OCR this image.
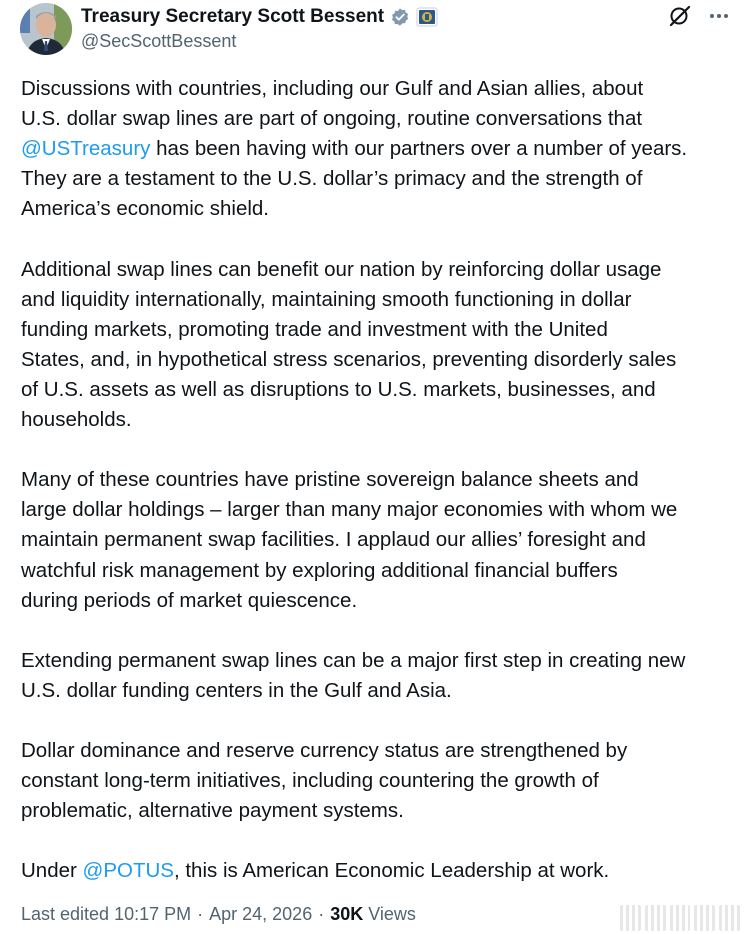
Treasury Secretary Scott Bessent
@SecScottBessent

Discussions with countries, including our Gulf and Asian allies, about
U.S. dollar swap lines are part of ongoing, routine conversations that
@USTreasury has been having with our partners over a number of years.
They are a testament to the U.S. dollar’s primacy and the strength of
America’s economic shield.

Additional swap lines can benefit our nation by reinforcing dollar usage
and liquidity internationally, maintaining smooth functioning in dollar
funding markets, promoting trade and investment with the United
States, and, in hypothetical stress scenarios, preventing disorderly sales
of U.S. assets as well as disruptions to U.S. markets, businesses, and
households.

Many of these countries have pristine sovereign balance sheets and
large dollar holdings – larger than many major economies with whom we
maintain permanent swap facilities. I applaud our allies’ foresight and
watchful risk management by exploring additional financial buffers
during periods of market quiescence.

Extending permanent swap lines can be a major first step in creating new
U.S. dollar funding centers in the Gulf and Asia.

Dollar dominance and reserve currency status are strengthened by
constant long-term initiatives, including countering the growth of
problematic, alternative payment systems.

Under @POTUS, this is American Economic Leadership at work.

Last edited 10:17 PM · Apr 24, 2026 · 30K Views
